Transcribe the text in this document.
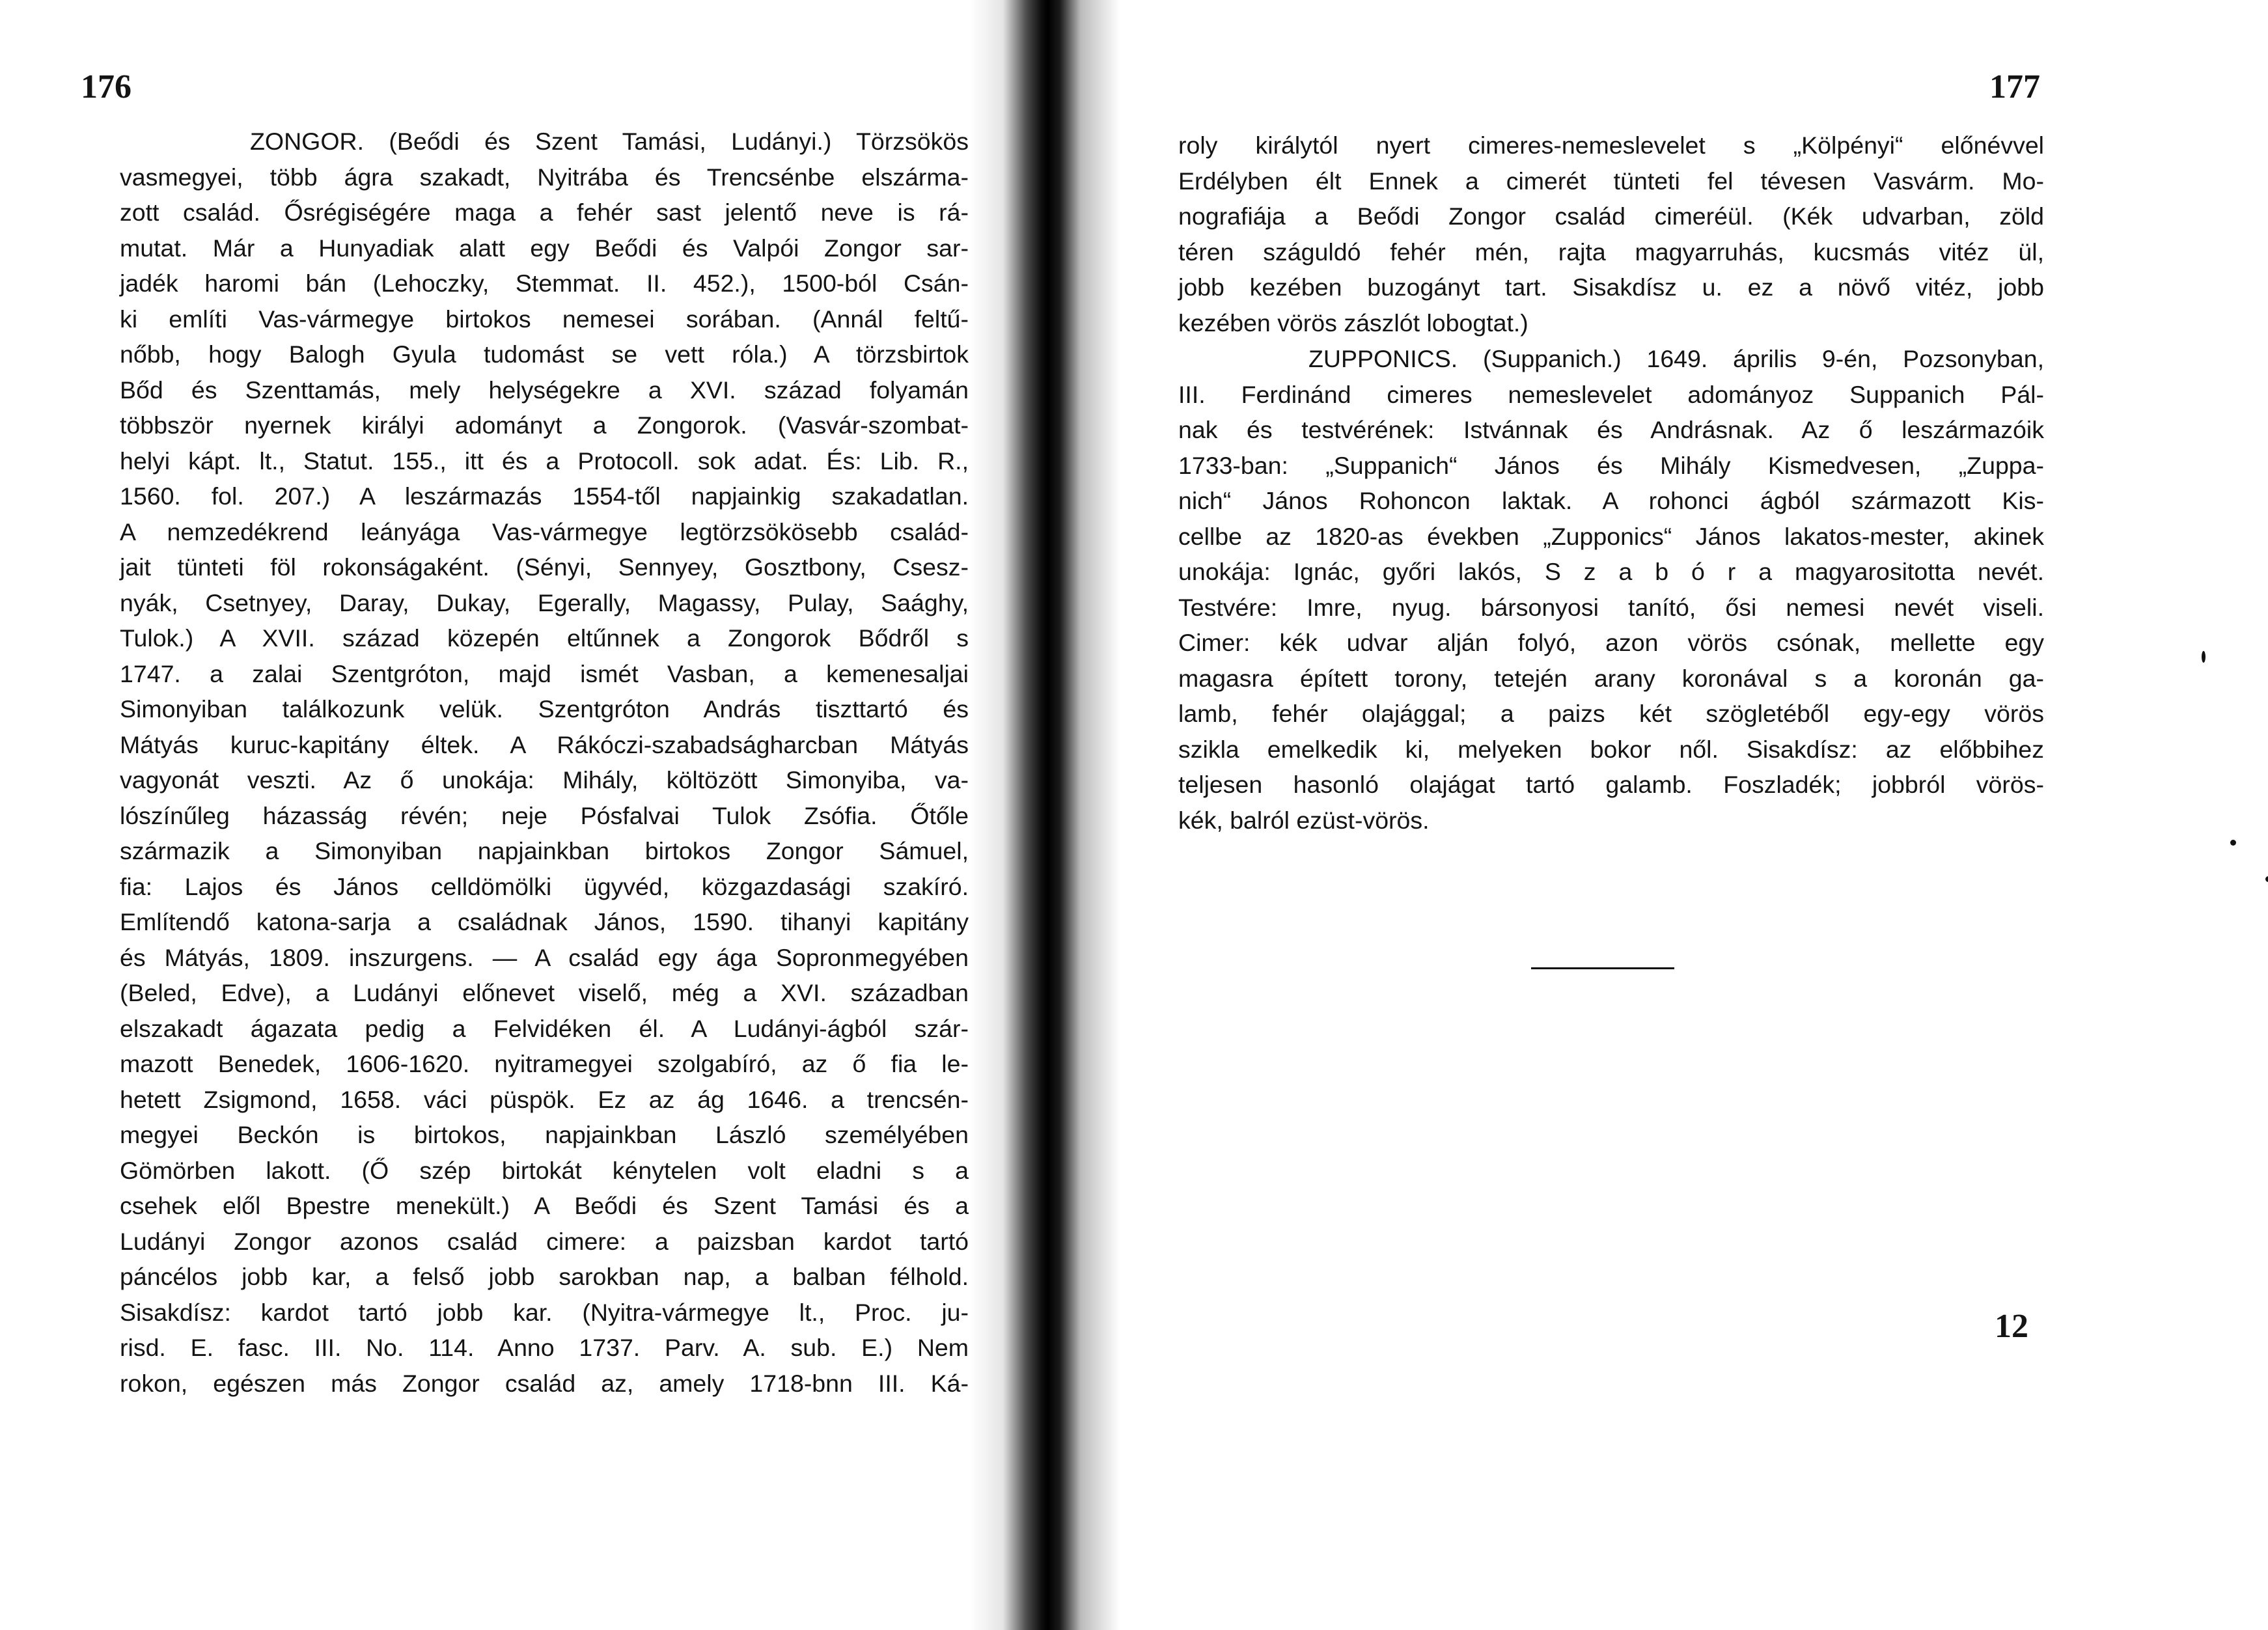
176

ZONGOR. (Beődi és Szent Tamási, Ludányi.) Törzsökös
vasmegyei, több ágra szakadt, Nyitrába és Trencsénbe elszárma-
zott család. Ősrégiségére maga a fehér sast jelentő neve is rá-
mutat. Már a Hunyadiak alatt egy Beődi és Valpói Zongor sar-
jadék haromi bán (Lehoczky, Stemmat. II. 452.), 1500-ból Csán-
ki említi Vas-vármegye birtokos nemesei sorában. (Annál feltű-
nőbb, hogy Balogh Gyula tudomást se vett róla.) A törzsbirtok
Bőd és Szenttamás, mely helységekre a XVI. század folyamán
többször nyernek királyi adományt a Zongorok. (Vasvár-szombat-
helyi kápt. lt., Statut. 155., itt és a Protocoll. sok adat. És: Lib. R.,
1560. fol. 207.) A leszármazás 1554-től napjainkig szakadatlan.
A nemzedékrend leányága Vas-vármegye legtörzsökösebb család-
jait tünteti föl rokonságaként. (Sényi, Sennyey, Gosztbony, Csesz-
nyák, Csetnyey, Daray, Dukay, Egerally, Magassy, Pulay, Saághy,
Tulok.) A XVII. század közepén eltűnnek a Zongorok Bődről s
1747. a zalai Szentgróton, majd ismét Vasban, a kemenesaljai
Simonyiban találkozunk velük. Szentgróton András tiszttartó és
Mátyás kuruc-kapitány éltek. A Rákóczi-szabadságharcban Mátyás
vagyonát veszti. Az ő unokája: Mihály, költözött Simonyiba, va-
lószínűleg házasság révén; neje Pósfalvai Tulok Zsófia. Őtőle
származik a Simonyiban napjainkban birtokos Zongor Sámuel,
fia: Lajos és János celldömölki ügyvéd, közgazdasági szakíró.
Említendő katona-sarja a családnak János, 1590. tihanyi kapitány
és Mátyás, 1809. inszurgens. — A család egy ága Sopronmegyében
(Beled, Edve), a Ludányi előnevet viselő, még a XVI. században
elszakadt ágazata pedig a Felvidéken él. A Ludányi-ágból szár-
mazott Benedek, 1606-1620. nyitramegyei szolgabíró, az ő fia le-
hetett Zsigmond, 1658. váci püspök. Ez az ág 1646. a trencsén-
megyei Beckón is birtokos, napjainkban László személyében
Gömörben lakott. (Ő szép birtokát kénytelen volt eladni s a
csehek elől Bpestre menekült.) A Beődi és Szent Tamási és a
Ludányi Zongor azonos család cimere: a paizsban kardot tartó
páncélos jobb kar, a felső jobb sarokban nap, a balban félhold.
Sisakdísz: kardot tartó jobb kar. (Nyitra-vármegye lt., Proc. ju-
risd. E. fasc. III. No. 114. Anno 1737. Parv. A. sub. E.) Nem
rokon, egészen más Zongor család az, amely 1718-bnn III. Ká-

177

roly királytól nyert cimeres-nemeslevelet s „Kölpényi“ előnévvel
Erdélyben élt Ennek a cimerét tünteti fel tévesen Vasvárm. Mo-
nografiája a Beődi Zongor család cimeréül. (Kék udvarban, zöld
téren száguldó fehér mén, rajta magyarruhás, kucsmás vitéz ül,
jobb kezében buzogányt tart. Sisakdísz u. ez a növő vitéz, jobb
kezében vörös zászlót lobogtat.)

ZUPPONICS. (Suppanich.) 1649. április 9-én, Pozsonyban,
III. Ferdinánd cimeres nemeslevelet adományoz Suppanich Pál-
nak és testvérének: Istvánnak és Andrásnak. Az ő leszármazóik
1733-ban: „Suppanich“ János és Mihály Kismedvesen, „Zuppa-
nich“ János Rohoncon laktak. A rohonci ágból származott Kis-
cellbe az 1820-as években „Zupponics“ János lakatos-mester, akinek
unokája: Ignác, győri lakós, S z a b ó r a magyarositotta nevét.
Testvére: Imre, nyug. bársonyosi tanító, ősi nemesi nevét viseli.
Cimer: kék udvar alján folyó, azon vörös csónak, mellette egy
magasra épített torony, tetején arany koronával s a koronán ga-
lamb, fehér olajággal; a paizs két szögletéből egy-egy vörös
szikla emelkedik ki, melyeken bokor nől. Sisakdísz: az előbbihez
teljesen hasonló olajágat tartó galamb. Foszladék; jobbról vörös-
kék, balról ezüst-vörös.

12
